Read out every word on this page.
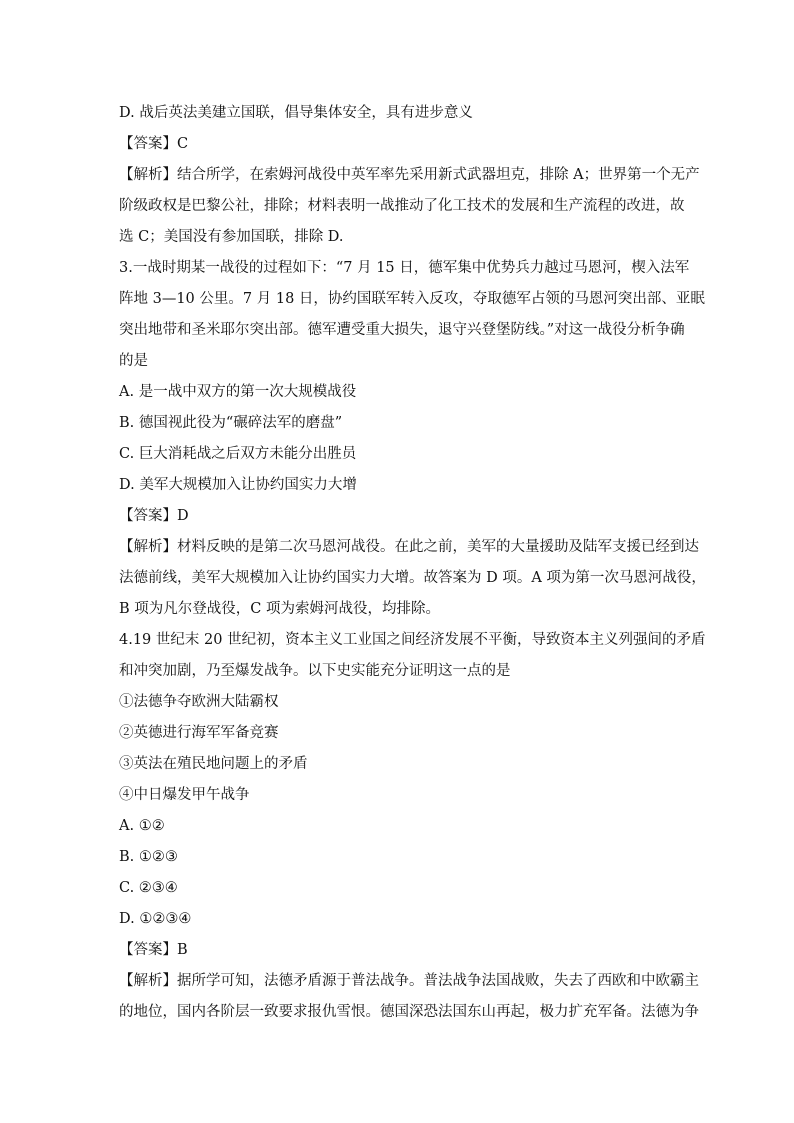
D. 战后英法美建立国联，倡导集体安全，具有进步意义
【答案】C
【解析】结合所学，在索姆河战役中英军率先采用新式武器坦克，排除 A；世界第一个无产
阶级政权是巴黎公社，排除；材料表明一战推动了化工技术的发展和生产流程的改进，故
选 C；美国没有参加国联，排除 D.
3.一战时期某一战役的过程如下：“7 月 15 日，德军集中优势兵力越过马恩河，楔入法军
阵地 3—10 公里。7 月 18 日，协约国联军转入反攻，夺取德军占领的马恩河突出部、亚眠
突出地带和圣米耶尔突出部。德军遭受重大损失，退守兴登堡防线。”对这一战役分析争确
的是
A. 是一战中双方的第一次大规模战役
B. 德国视此役为“碾碎法军的磨盘”
C. 巨大消耗战之后双方未能分出胜员
D. 美军大规模加入让协约国实力大增
【答案】D
【解析】材料反映的是第二次马恩河战役。在此之前，美军的大量援助及陆军支援已经到达
法德前线，美军大规模加入让协约国实力大增。故答案为 D 项。A 项为第一次马恩河战役，
B 项为凡尔登战役，C 项为索姆河战役，均排除。
4.19 世纪末 20 世纪初，资本主义工业国之间经济发展不平衡，导致资本主义列强间的矛盾
和冲突加剧，乃至爆发战争。以下史实能充分证明这一点的是
①法德争夺欧洲大陆霸权
②英德进行海军军备竞赛
③英法在殖民地问题上的矛盾
④中日爆发甲午战争
A. ①②
B. ①②③
C. ②③④
D. ①②③④
【答案】B
【解析】据所学可知，法德矛盾源于普法战争。普法战争法国战败，失去了西欧和中欧霸主
的地位，国内各阶层一致要求报仇雪恨。德国深恐法国东山再起，极力扩充军备。法德为争
